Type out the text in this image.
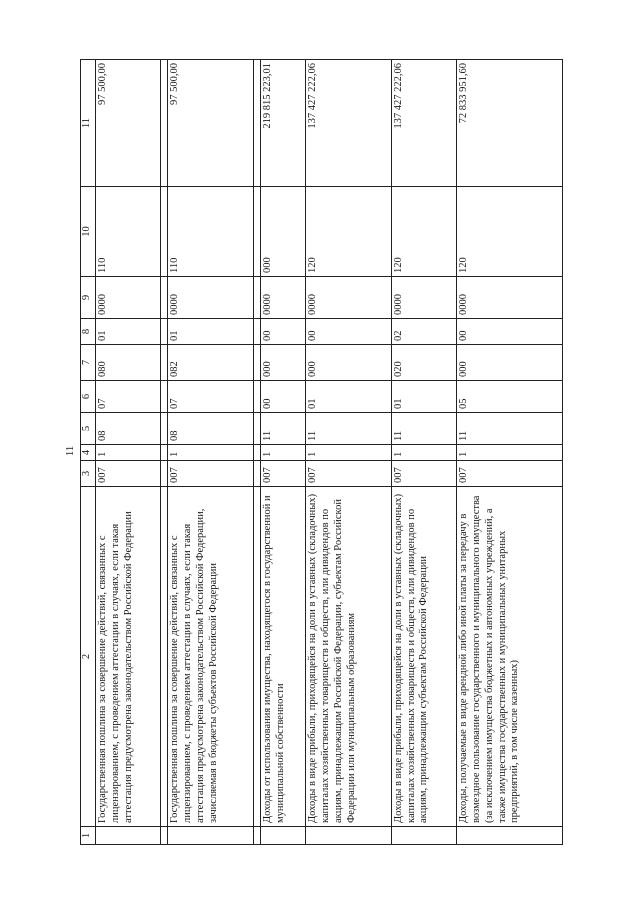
11
1	2	3	4	5	6	7	8	9	10	11
	Государственная пошлина за совершение действий, связанных с лицензированием, с проведением аттестации в случаях, если такая аттестация предусмотрена законодательством Российской Федерации	007	1	08	07	080	01	0000	110	97 500,00

	Государственная пошлина за совершение действий, связанных с лицензированием, с проведением аттестации в случаях, если такая аттестация предусмотрена законодательством Российской Федерации, зачисляемая в бюджеты субъектов Российской Федерации	007	1	08	07	082	01	0000	110	97 500,00

	Доходы от использования имущества, находящегося в государственной и муниципальной собственности	007	1	11	00	000	00	0000	000	219 815 223,01
	Доходы в виде прибыли, приходящейся на доли в уставных (складочных) капиталах хозяйственных товариществ и обществ, или дивидендов по акциям, принадлежащим Российской Федерации, субъектам Российской Федерации или муниципальным образованиям	007	1	11	01	000	00	0000	120	137 427 222,06
	Доходы в виде прибыли, приходящейся на доли в уставных (складочных) капиталах хозяйственных товариществ и обществ, или дивидендов по акциям, принадлежащим субъектам Российской Федерации	007	1	11	01	020	02	0000	120	137 427 222,06
	Доходы, получаемые в виде арендной либо иной платы за передачу в возмездное пользование государственного и муниципального имущества (за исключением имущества бюджетных и автономных учреждений, а также имущества государственных и муниципальных унитарных предприятий, в том числе казенных)	007	1	11	05	000	00	0000	120	72 833 951,60
